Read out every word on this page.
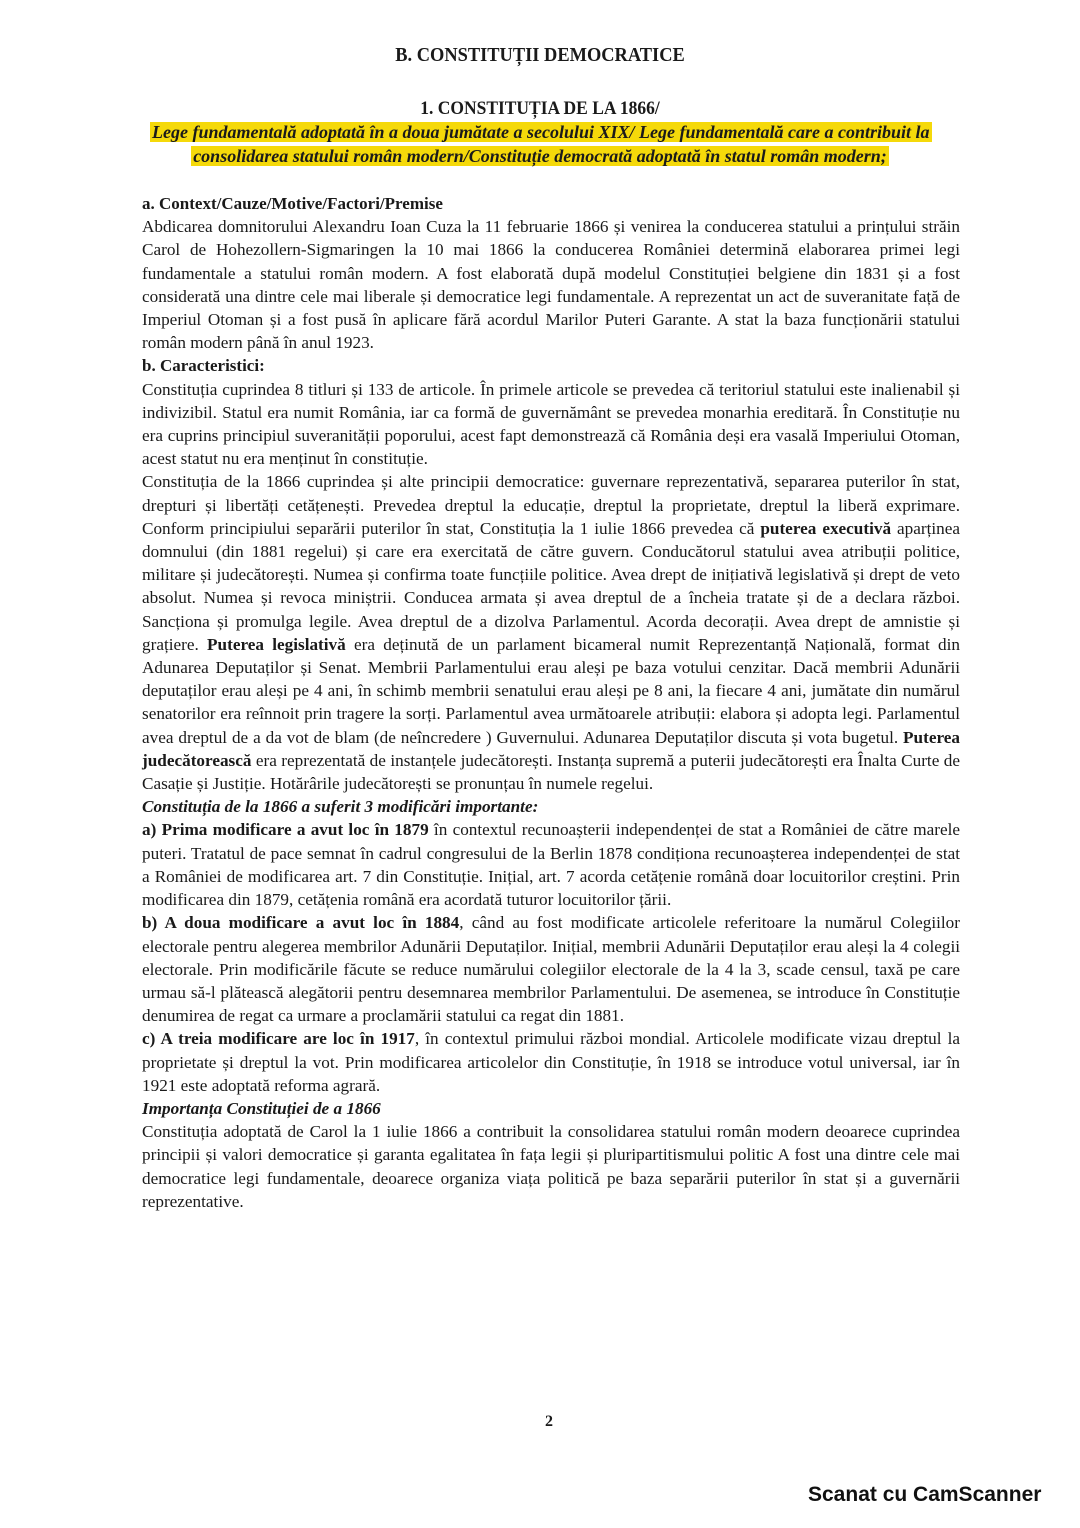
B. CONSTITUȚII DEMOCRATICE
1. CONSTITUȚIA DE LA 1866/
Lege fundamentală adoptată în a doua jumătate a secolului XIX/ Lege fundamentală care a contribuit la consolidarea statului român modern/Constituție democrată adoptată în statul român modern;

a. Context/Cauze/Motive/Factori/Premise

Abdicarea domnitorului Alexandru Ioan Cuza la 11 februarie 1866 și venirea la conducerea statului a prințului străin Carol de Hohezollern-Sigmaringen la 10 mai 1866 la conducerea României determină elaborarea primei legi fundamentale a statului român modern. A fost elaborată după modelul Constituției belgiene din 1831 și a fost considerată una dintre cele mai liberale și democratice legi fundamentale. A reprezentat un act de suveranitate față de Imperiul Otoman și a fost pusă în aplicare fără acordul Marilor Puteri Garante. A stat la baza funcționării statului român modern până în anul 1923.

b. Caracteristici:

Constituția cuprindea 8 titluri și 133 de articole. În primele articole se prevedea că teritoriul statului este inalienabil și indivizibil. Statul era numit România, iar ca formă de guvernământ se prevedea monarhia ereditară. În Constituție nu era cuprins principiul suveranității poporului, acest fapt demonstrează că România deși era vasală Imperiului Otoman, acest statut nu era menținut în constituție.

Constituția de la 1866 cuprindea și alte principii democratice: guvernare reprezentativă, separarea puterilor în stat, drepturi și libertăți cetățenești. Prevedea dreptul la educație, dreptul la proprietate, dreptul la liberă exprimare. Conform principiului separării puterilor în stat, Constituția la 1 iulie 1866 prevedea că puterea executivă aparținea domnului (din 1881 regelui) și care era exercitată de către guvern. Conducătorul statului avea atribuții politice, militare și judecătorești. Numea și confirma toate funcțiile politice. Avea drept de inițiativă legislativă și drept de veto absolut. Numea și revoca miniștrii. Conducea armata și avea dreptul de a încheia tratate și de a declara război. Sancționa și promulga legile. Avea dreptul de a dizolva Parlamentul. Acorda decorații. Avea drept de amnistie și grațiere. Puterea legislativă era deținută de un parlament bicameral numit Reprezentanță Națională, format din Adunarea Deputaților și Senat. Membrii Parlamentului erau aleși pe baza votului cenzitar. Dacă membrii Adunării deputaților erau aleși pe 4 ani, în schimb membrii senatului erau aleși pe 8 ani, la fiecare 4 ani, jumătate din numărul senatorilor era reînnoit prin tragere la sorți. Parlamentul avea următoarele atribuții: elabora și adopta legi. Parlamentul avea dreptul de a da vot de blam (de neîncredere ) Guvernului. Adunarea Deputaților discuta și vota bugetul. Puterea judecătorească era reprezentată de instanțele judecătorești. Instanța supremă a puterii judecătorești era Înalta Curte de Casație și Justiție. Hotărârile judecătorești se pronunțau în numele regelui.

Constituția de la 1866 a suferit 3 modificări importante:

a) Prima modificare a avut loc în 1879 în contextul recunoașterii independenței de stat a României de către marele puteri. Tratatul de pace semnat în cadrul congresului de la Berlin 1878 condiționa recunoașterea independenței de stat a României de modificarea art. 7 din Constituție. Inițial, art. 7 acorda cetățenie română doar locuitorilor creștini. Prin modificarea din 1879, cetățenia română era acordată tuturor locuitorilor țării.

b) A doua modificare a avut loc în 1884, când au fost modificate articolele referitoare la numărul Colegiilor electorale pentru alegerea membrilor Adunării Deputaților. Inițial, membrii Adunării Deputaților erau aleși la 4 colegii electorale. Prin modificările făcute se reduce numărului colegiilor electorale de la 4 la 3, scade censul, taxă pe care urmau să-l plătească alegătorii pentru desemnarea membrilor Parlamentului. De asemenea, se introduce în Constituție denumirea de regat ca urmare a proclamării statului ca regat din 1881.

c) A treia modificare are loc în 1917, în contextul primului război mondial. Articolele modificate vizau dreptul la proprietate și dreptul la vot. Prin modificarea articolelor din Constituție, în 1918 se introduce votul universal, iar în 1921 este adoptată reforma agrară.

Importanța Constituției de a 1866

Constituția adoptată de Carol la 1 iulie 1866 a contribuit la consolidarea statului român modern deoarece cuprindea principii și valori democratice și garanta egalitatea în fața legii și pluripartitismului politic A fost una dintre cele mai democratice legi fundamentale, deoarece organiza viața politică pe baza separării puterilor în stat și a guvernării reprezentative.

2
Scanat cu CamScanner
